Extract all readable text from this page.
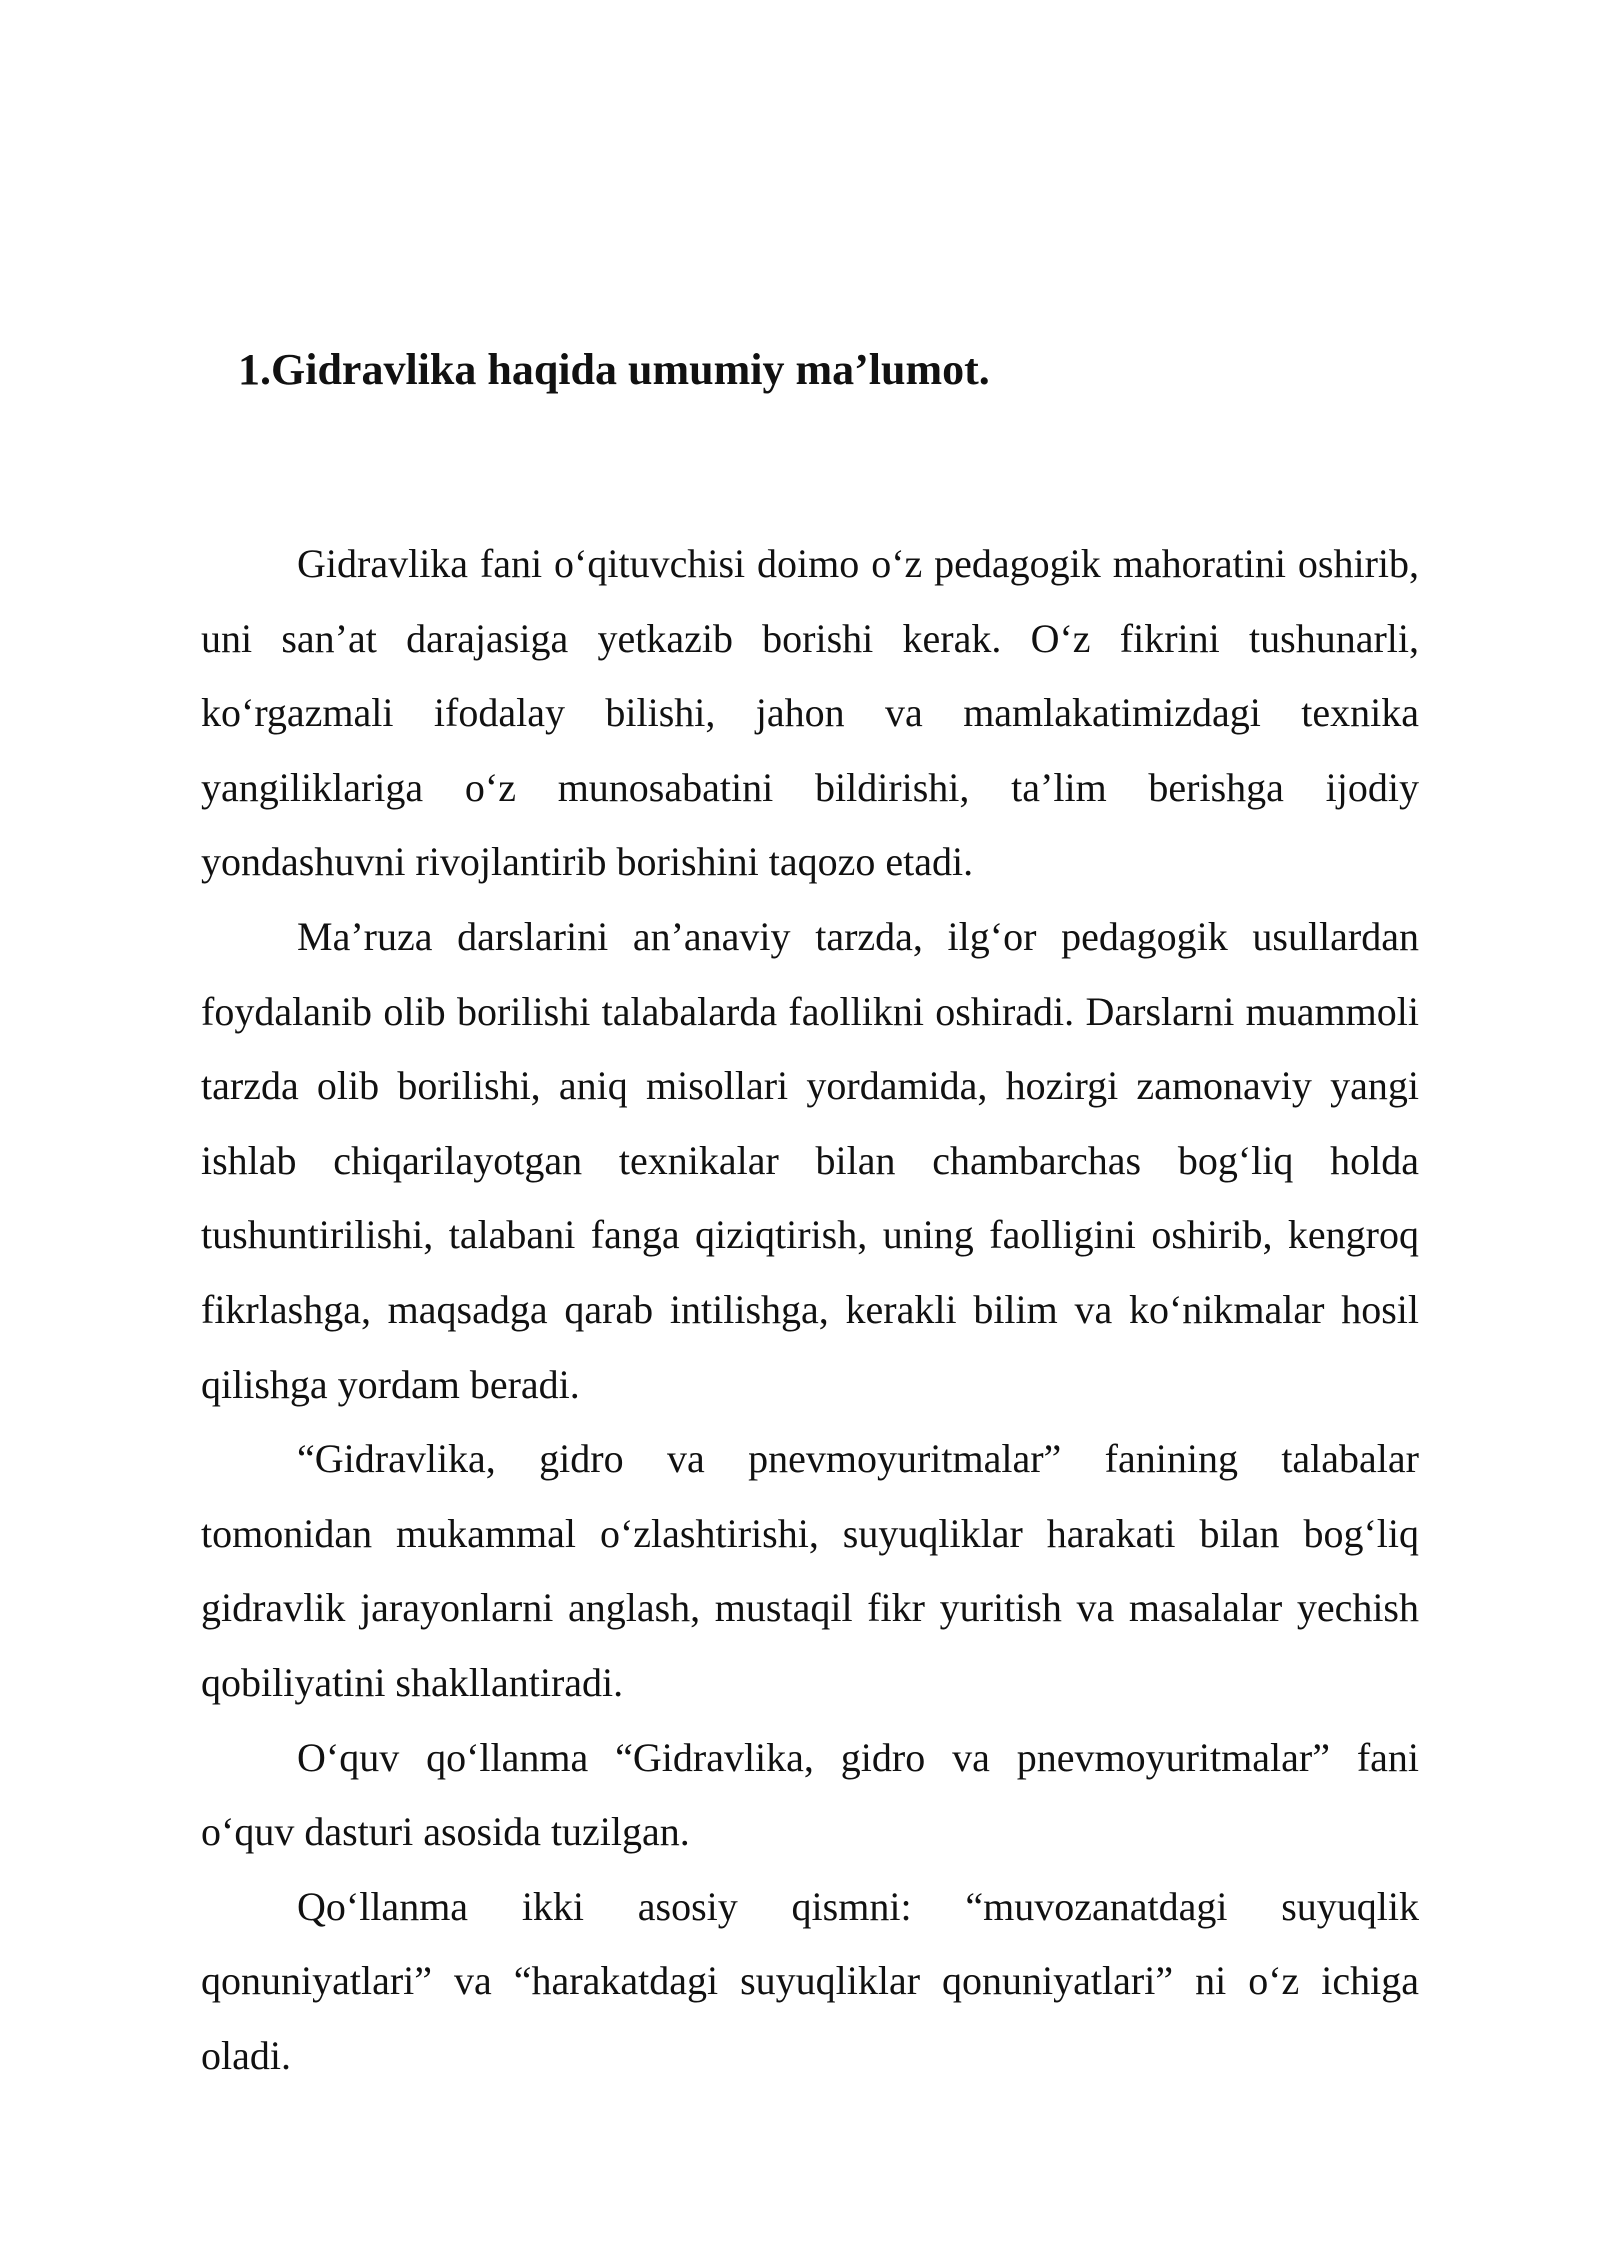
1.Gidravlika haqida umumiy ma’lumot.

Gidravlika fani o‘qituvchisi doimo o‘z pedagogik mahoratini oshirib, uni san’at darajasiga yetkazib borishi kerak. O‘z fikrini tushunarli, ko‘rgazmali ifodalay bilishi, jahon va mamlakatimizdagi texnika yangiliklariga o‘z munosabatini bildirishi, ta’lim berishga ijodiy yondashuvni rivojlantirib borishini taqozo etadi.

Ma’ruza darslarini an’anaviy tarzda, ilg‘or pedagogik usullardan foydalanib olib borilishi talabalarda faollikni oshiradi. Darslarni muammoli tarzda olib borilishi, aniq misollari yordamida, hozirgi zamonaviy yangi ishlab chiqarilayotgan texnikalar bilan chambarchas bog‘liq holda tushuntirilishi, talabani fanga qiziqtirish, uning faolligini oshirib, kengroq fikrlashga, maqsadga qarab intilishga, kerakli bilim va ko‘nikmalar hosil qilishga yordam beradi.

“Gidravlika, gidro va pnevmoyuritmalar” fanining talabalar tomonidan mukammal o‘zlashtirishi, suyuqliklar harakati bilan bog‘liq gidravlik jarayonlarni anglash, mustaqil fikr yuritish va masalalar yechish qobiliyatini shakllantiradi.

O‘quv qo‘llanma “Gidravlika, gidro va pnevmoyuritmalar” fani o‘quv dasturi asosida tuzilgan.

Qo‘llanma ikki asosiy qismni: “muvozanatdagi suyuqlik qonuniyatlari” va “harakatdagi suyuqliklar qonuniyatlari” ni o‘z ichiga oladi.
